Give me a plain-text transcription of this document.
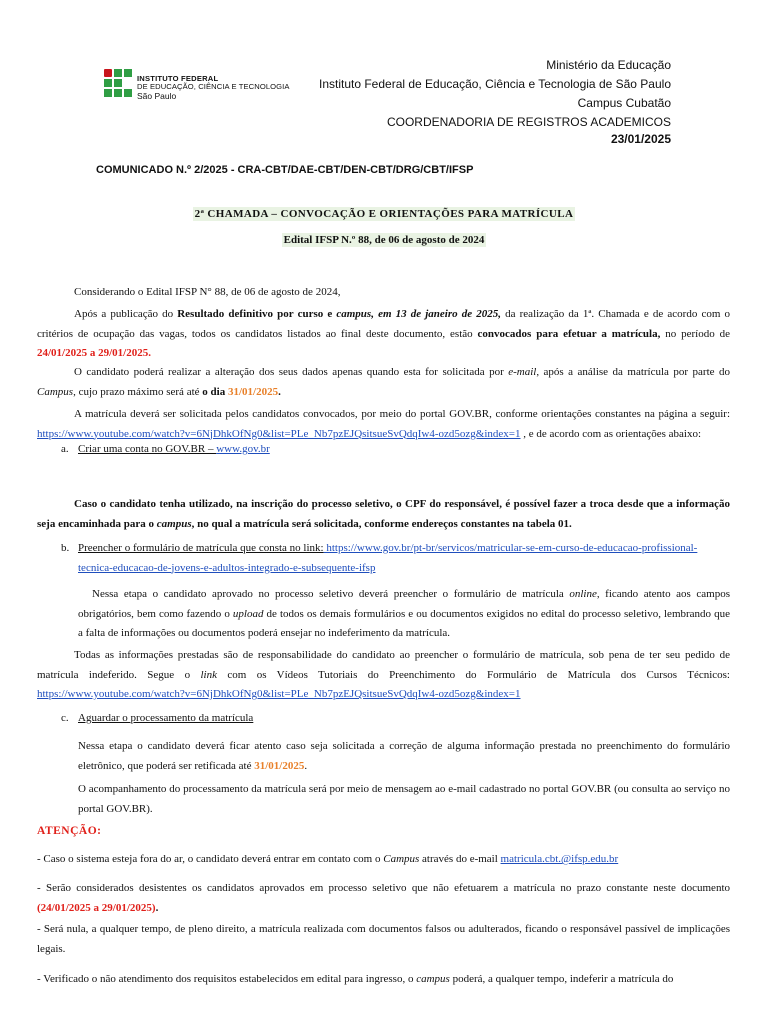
INSTITUTO FEDERAL
DE EDUCAÇÃO, CIÊNCIA E TECNOLOGIA
São Paulo
Ministério da Educação
Instituto Federal de Educação, Ciência e Tecnologia de São Paulo
Campus Cubatão
COORDENADORIA DE REGISTROS ACADEMICOS
23/01/2025
COMUNICADO N.º 2/2025 - CRA-CBT/DAE-CBT/DEN-CBT/DRG/CBT/IFSP
2ª CHAMADA – CONVOCAÇÃO E ORIENTAÇÕES PARA MATRÍCULA
Edital IFSP N.º 88, de 06 de agosto de 2024

Considerando o Edital IFSP N° 88, de 06 de agosto de 2024,

Após a publicação do Resultado definitivo por curso e campus, em 13 de janeiro de 2025, da realização da 1ª. Chamada e de acordo com o critérios de ocupação das vagas, todos os candidatos listados ao final deste documento, estão convocados para efetuar a matrícula, no período de 24/01/2025 a 29/01/2025.

O candidato poderá realizar a alteração dos seus dados apenas quando esta for solicitada por e-mail, após a análise da matrícula por parte do Campus, cujo prazo máximo será até o dia 31/01/2025.

A matrícula deverá ser solicitada pelos candidatos convocados, por meio do portal GOV.BR, conforme orientações constantes na página a seguir: https://www.youtube.com/watch?v=6NjDhkOfNg0&list=PLe_Nb7pzEJQsitsueSvQdqIw4-ozd5ozg&index=1 , e de acordo com as orientações abaixo:

a. Criar uma conta no GOV.BR – www.gov.br

Caso o candidato tenha utilizado, na inscrição do processo seletivo, o CPF do responsável, é possível fazer a troca desde que a informação seja encaminhada para o campus, no qual a matrícula será solicitada, conforme endereços constantes na tabela 01.

b. Preencher o formulário de matrícula que consta no link: https://www.gov.br/pt-br/servicos/matricular-se-em-curso-de-educacao-profissional-tecnica-educacao-de-jovens-e-adultos-integrado-e-subsequente-ifsp

Nessa etapa o candidato aprovado no processo seletivo deverá preencher o formulário de matrícula online, ficando atento aos campos obrigatórios, bem como fazendo o upload de todos os demais formulários e ou documentos exigidos no edital do processo seletivo, lembrando que a falta de informações ou documentos poderá ensejar no indeferimento da matrícula.

Todas as informações prestadas são de responsabilidade do candidato ao preencher o formulário de matrícula, sob pena de ter seu pedido de matrícula indeferido. Segue o link com os Vídeos Tutoriais do Preenchimento do Formulário de Matrícula dos Cursos Técnicos: https://www.youtube.com/watch?v=6NjDhkOfNg0&list=PLe_Nb7pzEJQsitsueSvQdqIw4-ozd5ozg&index=1

c. Aguardar o processamento da matrícula

Nessa etapa o candidato deverá ficar atento caso seja solicitada a correção de alguma informação prestada no preenchimento do formulário eletrônico, que poderá ser retificada até 31/01/2025.

O acompanhamento do processamento da matrícula será por meio de mensagem ao e-mail cadastrado no portal GOV.BR (ou consulta ao serviço no portal GOV.BR).

ATENÇÃO:

- Caso o sistema esteja fora do ar, o candidato deverá entrar em contato com o Campus através do e-mail matricula.cbt.@ifsp.edu.br

- Serão considerados desistentes os candidatos aprovados em processo seletivo que não efetuarem a matrícula no prazo constante neste documento (24/01/2025 a 29/01/2025).

- Será nula, a qualquer tempo, de pleno direito, a matrícula realizada com documentos falsos ou adulterados, ficando o responsável passível de implicações legais.

- Verificado o não atendimento dos requisitos estabelecidos em edital para ingresso, o campus poderá, a qualquer tempo, indeferir a matrícula do
